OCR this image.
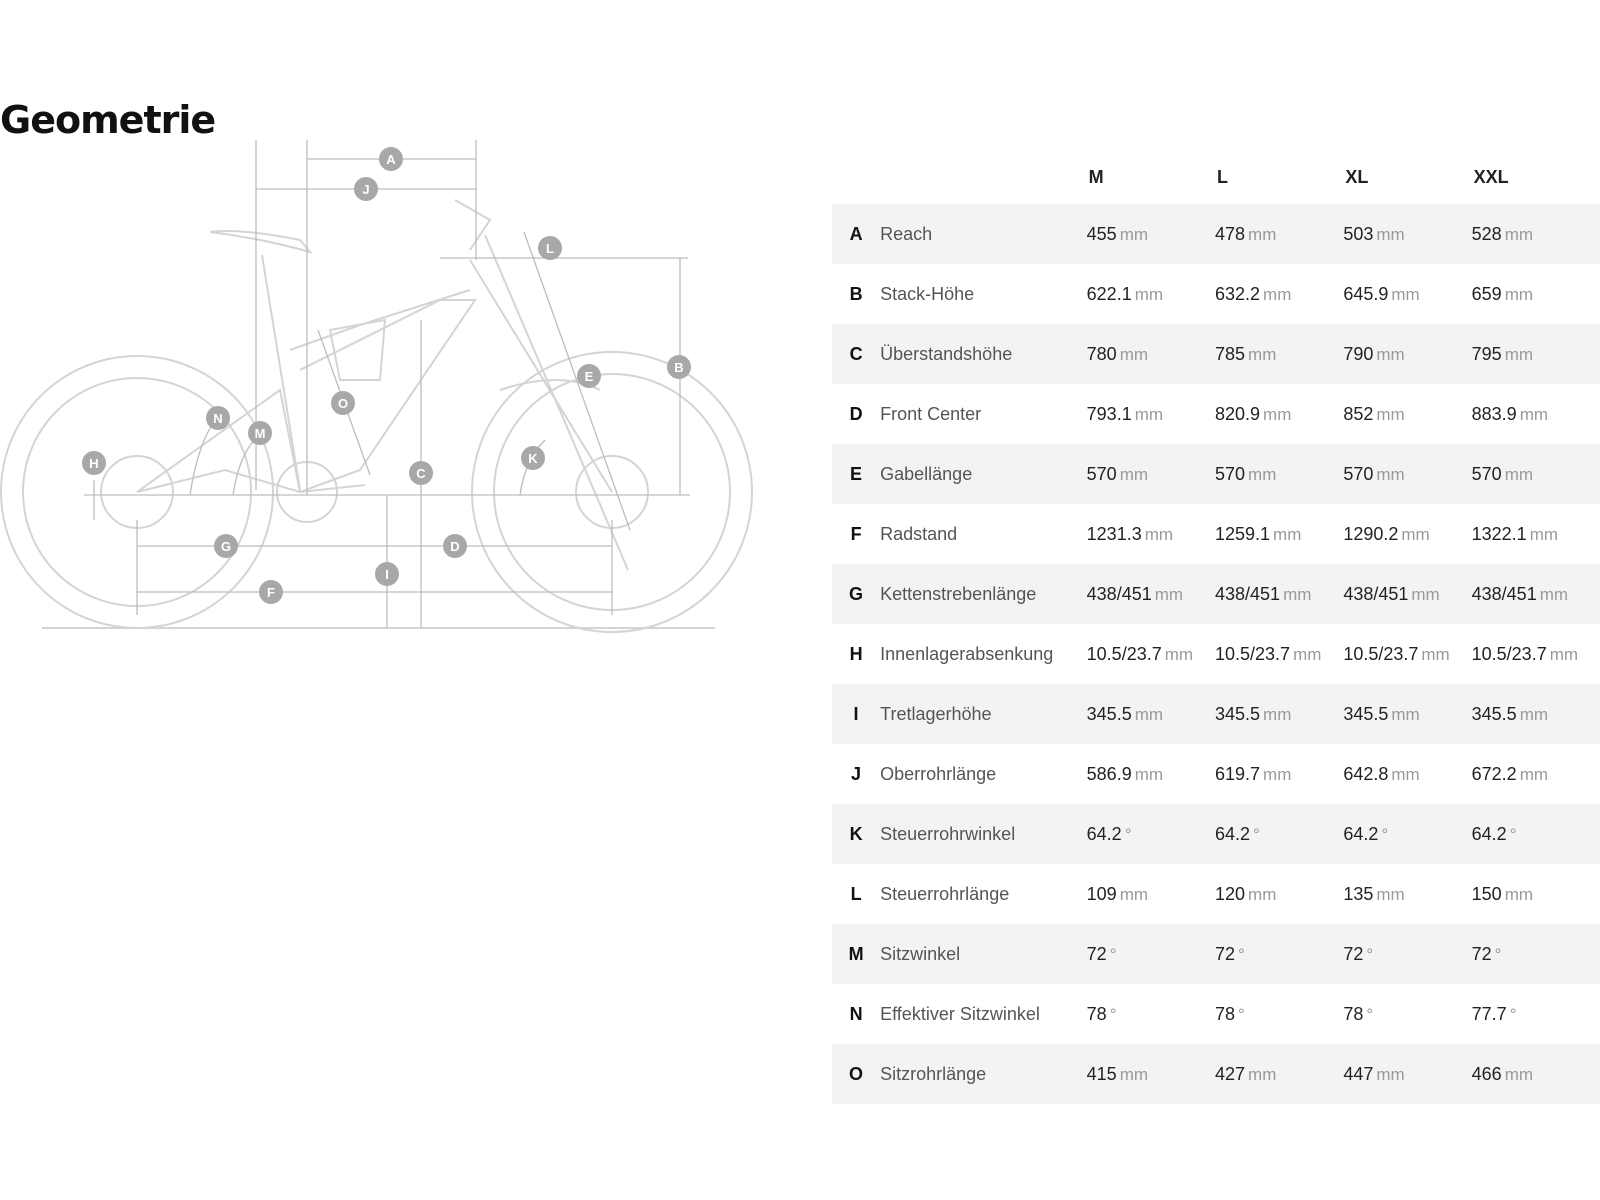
Geometrie
A
J
L
B
E
K
C
D
I
F
G
H
N
M
O
		M	L	XL	XXL
A	Reach	455 mm	478 mm	503 mm	528 mm
B	Stack-Höhe	622.1 mm	632.2 mm	645.9 mm	659 mm
C	Überstandshöhe	780 mm	785 mm	790 mm	795 mm
D	Front Center	793.1 mm	820.9 mm	852 mm	883.9 mm
E	Gabellänge	570 mm	570 mm	570 mm	570 mm
F	Radstand	1231.3 mm	1259.1 mm	1290.2 mm	1322.1 mm
G	Kettenstrebenlänge	438/451 mm	438/451 mm	438/451 mm	438/451 mm
H	Innenlagerabsenkung	10.5/23.7 mm	10.5/23.7 mm	10.5/23.7 mm	10.5/23.7 mm
I	Tretlagerhöhe	345.5 mm	345.5 mm	345.5 mm	345.5 mm
J	Oberrohrlänge	586.9 mm	619.7 mm	642.8 mm	672.2 mm
K	Steuerrohrwinkel	64.2 °	64.2 °	64.2 °	64.2 °
L	Steuerrohrlänge	109 mm	120 mm	135 mm	150 mm
M	Sitzwinkel	72 °	72 °	72 °	72 °
N	Effektiver Sitzwinkel	78 °	78 °	78 °	77.7 °
O	Sitzrohrlänge	415 mm	427 mm	447 mm	466 mm
